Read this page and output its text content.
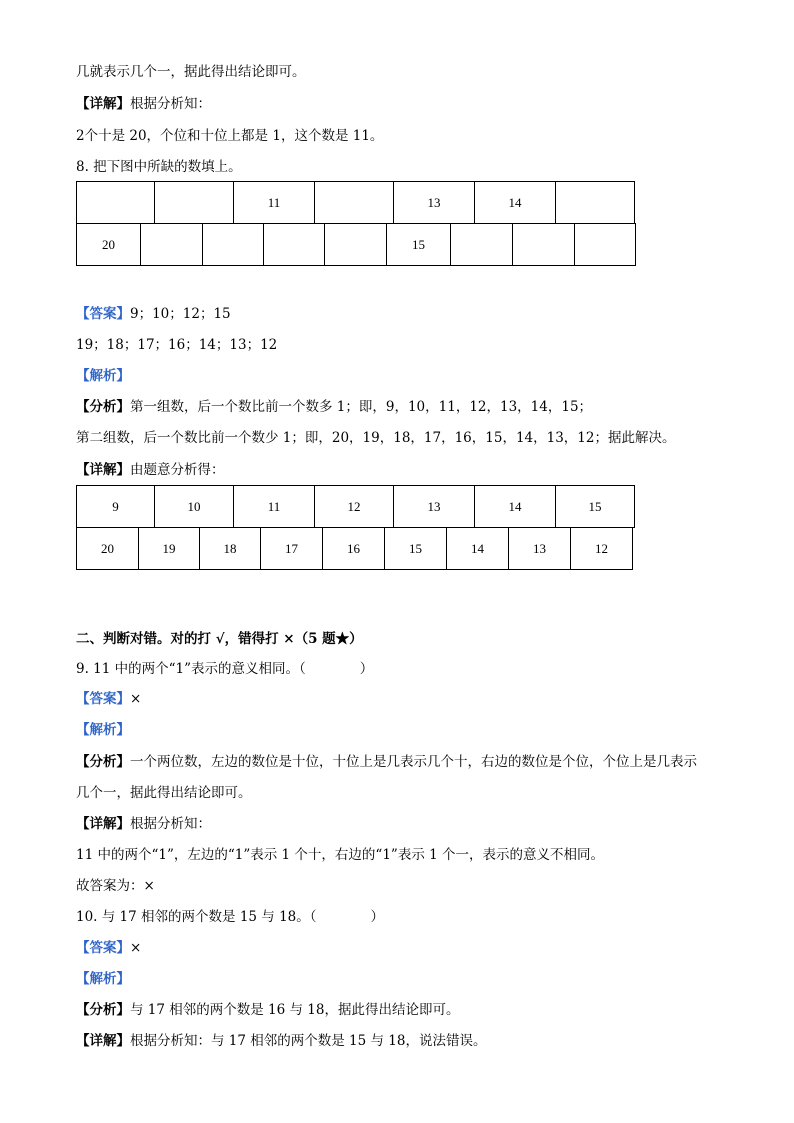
几就表示几个一，据此得出结论即可。
【详解】根据分析知：
2个十是 20，个位和十位上都是 1，这个数是 11。
8. 把下图中所缺的数填上。
		11		13	14	
20					15			
【答案】9；10；12；15
19；18；17；16；14；13；12
【解析】
【分析】第一组数，后一个数比前一个数多 1；即，9，10，11，12，13，14，15；
第二组数，后一个数比前一个数少 1；即，20，19，18，17，16，15，14，13，12；据此解决。
【详解】由题意分析得：
9	10	11	12	13	14	15
20	19	18	17	16	15	14	13	12
二、判断对错。对的打 √，错得打 ×（5 题★）
9. 11 中的两个“1”表示的意义相同。（　　　　）
【答案】×
【解析】
【分析】一个两位数，左边的数位是十位，十位上是几表示几个十，右边的数位是个位，个位上是几表示
几个一，据此得出结论即可。
【详解】根据分析知：
11 中的两个“1”，左边的“1”表示 1 个十，右边的“1”表示 1 个一，表示的意义不相同。
故答案为：×
10. 与 17 相邻的两个数是 15 与 18。（　　　　）
【答案】×
【解析】
【分析】与 17 相邻的两个数是 16 与 18，据此得出结论即可。
【详解】根据分析知：与 17 相邻的两个数是 15 与 18，说法错误。
